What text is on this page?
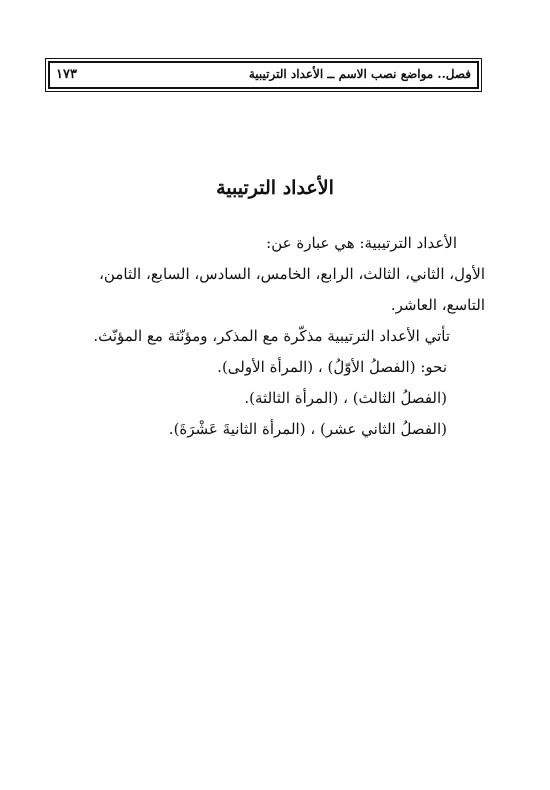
فصل.. مواضع نصب الاسم ــ الأعداد الترتيبية
١٧٣
الأعداد الترتيبية
الأعداد الترتيبية: هي عبارة عن:
الأول، الثاني، الثالث، الرابع، الخامس، السادس، السابع، الثامن،
التاسع، العاشر.
تأتي الأعداد الترتيبية مذكّرة مع المذكر، ومؤنّثة مع المؤنّث.
نحو: (الفصلُ الأوّلُ) ، (المرأة الأولى).
(الفصلُ الثالث) ، (المرأة الثالثة).
(الفصلُ الثاني عشر) ، (المرأة الثانيةَ عَشْرَةَ).
